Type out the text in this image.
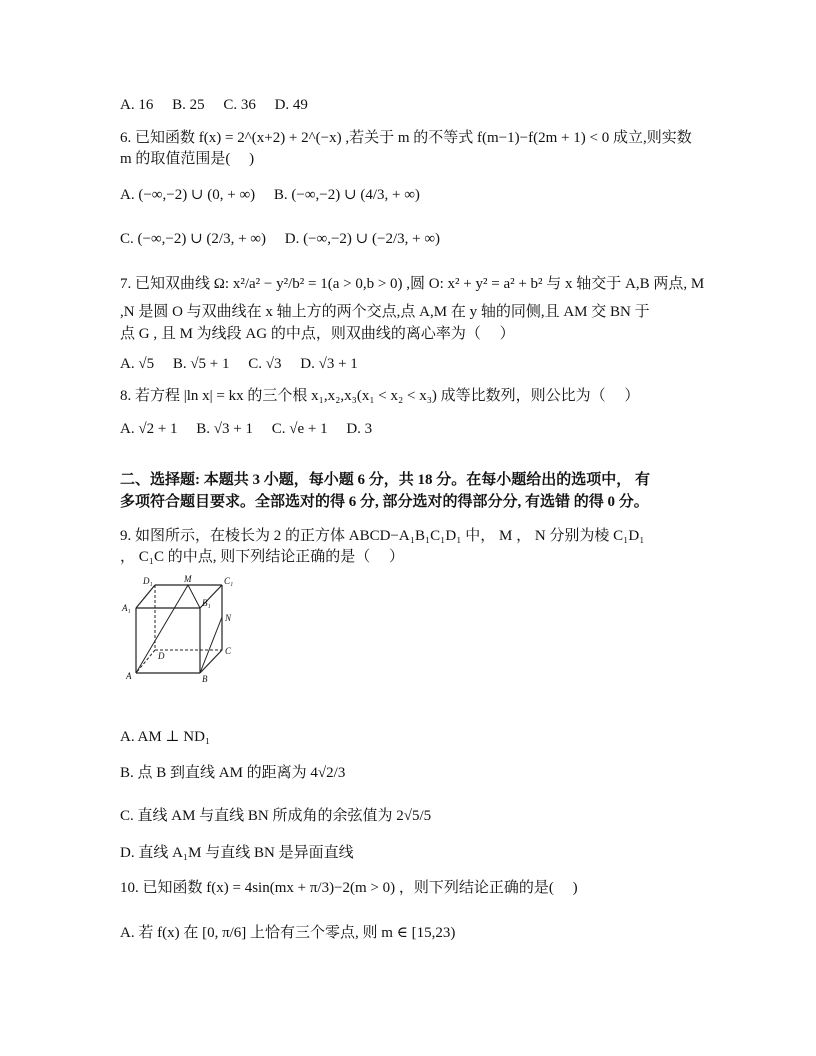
A. 16　 B. 25　 C. 36　 D. 49
6. 已知函数 f(x) = 2^(x+2) + 2^(−x) ,若关于 m 的不等式 f(m−1)−f(2m + 1) < 0 成立,则实数
m 的取值范围是(　 )
A. (−∞,−2) ∪ (0, + ∞)　 B. (−∞,−2) ∪ (4/3, + ∞)
C. (−∞,−2) ∪ (2/3, + ∞)　 D. (−∞,−2) ∪ (−2/3, + ∞)
7. 已知双曲线 Ω: x²/a² − y²/b² = 1(a > 0,b > 0) ,圆 O: x² + y² = a² + b² 与 x 轴交于 A,B 两点, M
,N 是圆 O 与双曲线在 x 轴上方的两个交点,点 A,M 在 y 轴的同侧,且 AM 交 BN 于
点 G , 且 M 为线段 AG 的中点，则双曲线的离心率为（　 ）
A. √5　 B. √5 + 1　 C. √3　 D. √3 + 1
8. 若方程 |ln x| = kx 的三个根 x₁,x₂,x₃(x₁ < x₂ < x₃) 成等比数列，则公比为（　 ）
A. √2 + 1　 B. √3 + 1　 C. √e + 1　 D. 3
二、选择题: 本题共 3 小题，每小题 6 分，共 18 分。在每小题给出的选项中， 有
多项符合题目要求。全部选对的得 6 分, 部分选对的得部分分, 有选错 的得 0 分。
9. 如图所示，在棱长为 2 的正方体 ABCD−A₁B₁C₁D₁ 中， M ， N 分别为棱 C₁D₁
， C₁C 的中点, 则下列结论正确的是（　 ）
D₁	M	C₁
A₁	B₁
N
D	C
A	B
A. AM ⊥ ND₁
B. 点 B 到直线 AM 的距离为 4√2/3
C. 直线 AM 与直线 BN 所成角的余弦值为 2√5/5
D. 直线 A₁M 与直线 BN 是异面直线
10. 已知函数 f(x) = 4sin(mx + π/3)−2(m > 0) ，则下列结论正确的是(　 )
A. 若 f(x) 在 [0, π/6] 上恰有三个零点, 则 m ∈ [15,23)
